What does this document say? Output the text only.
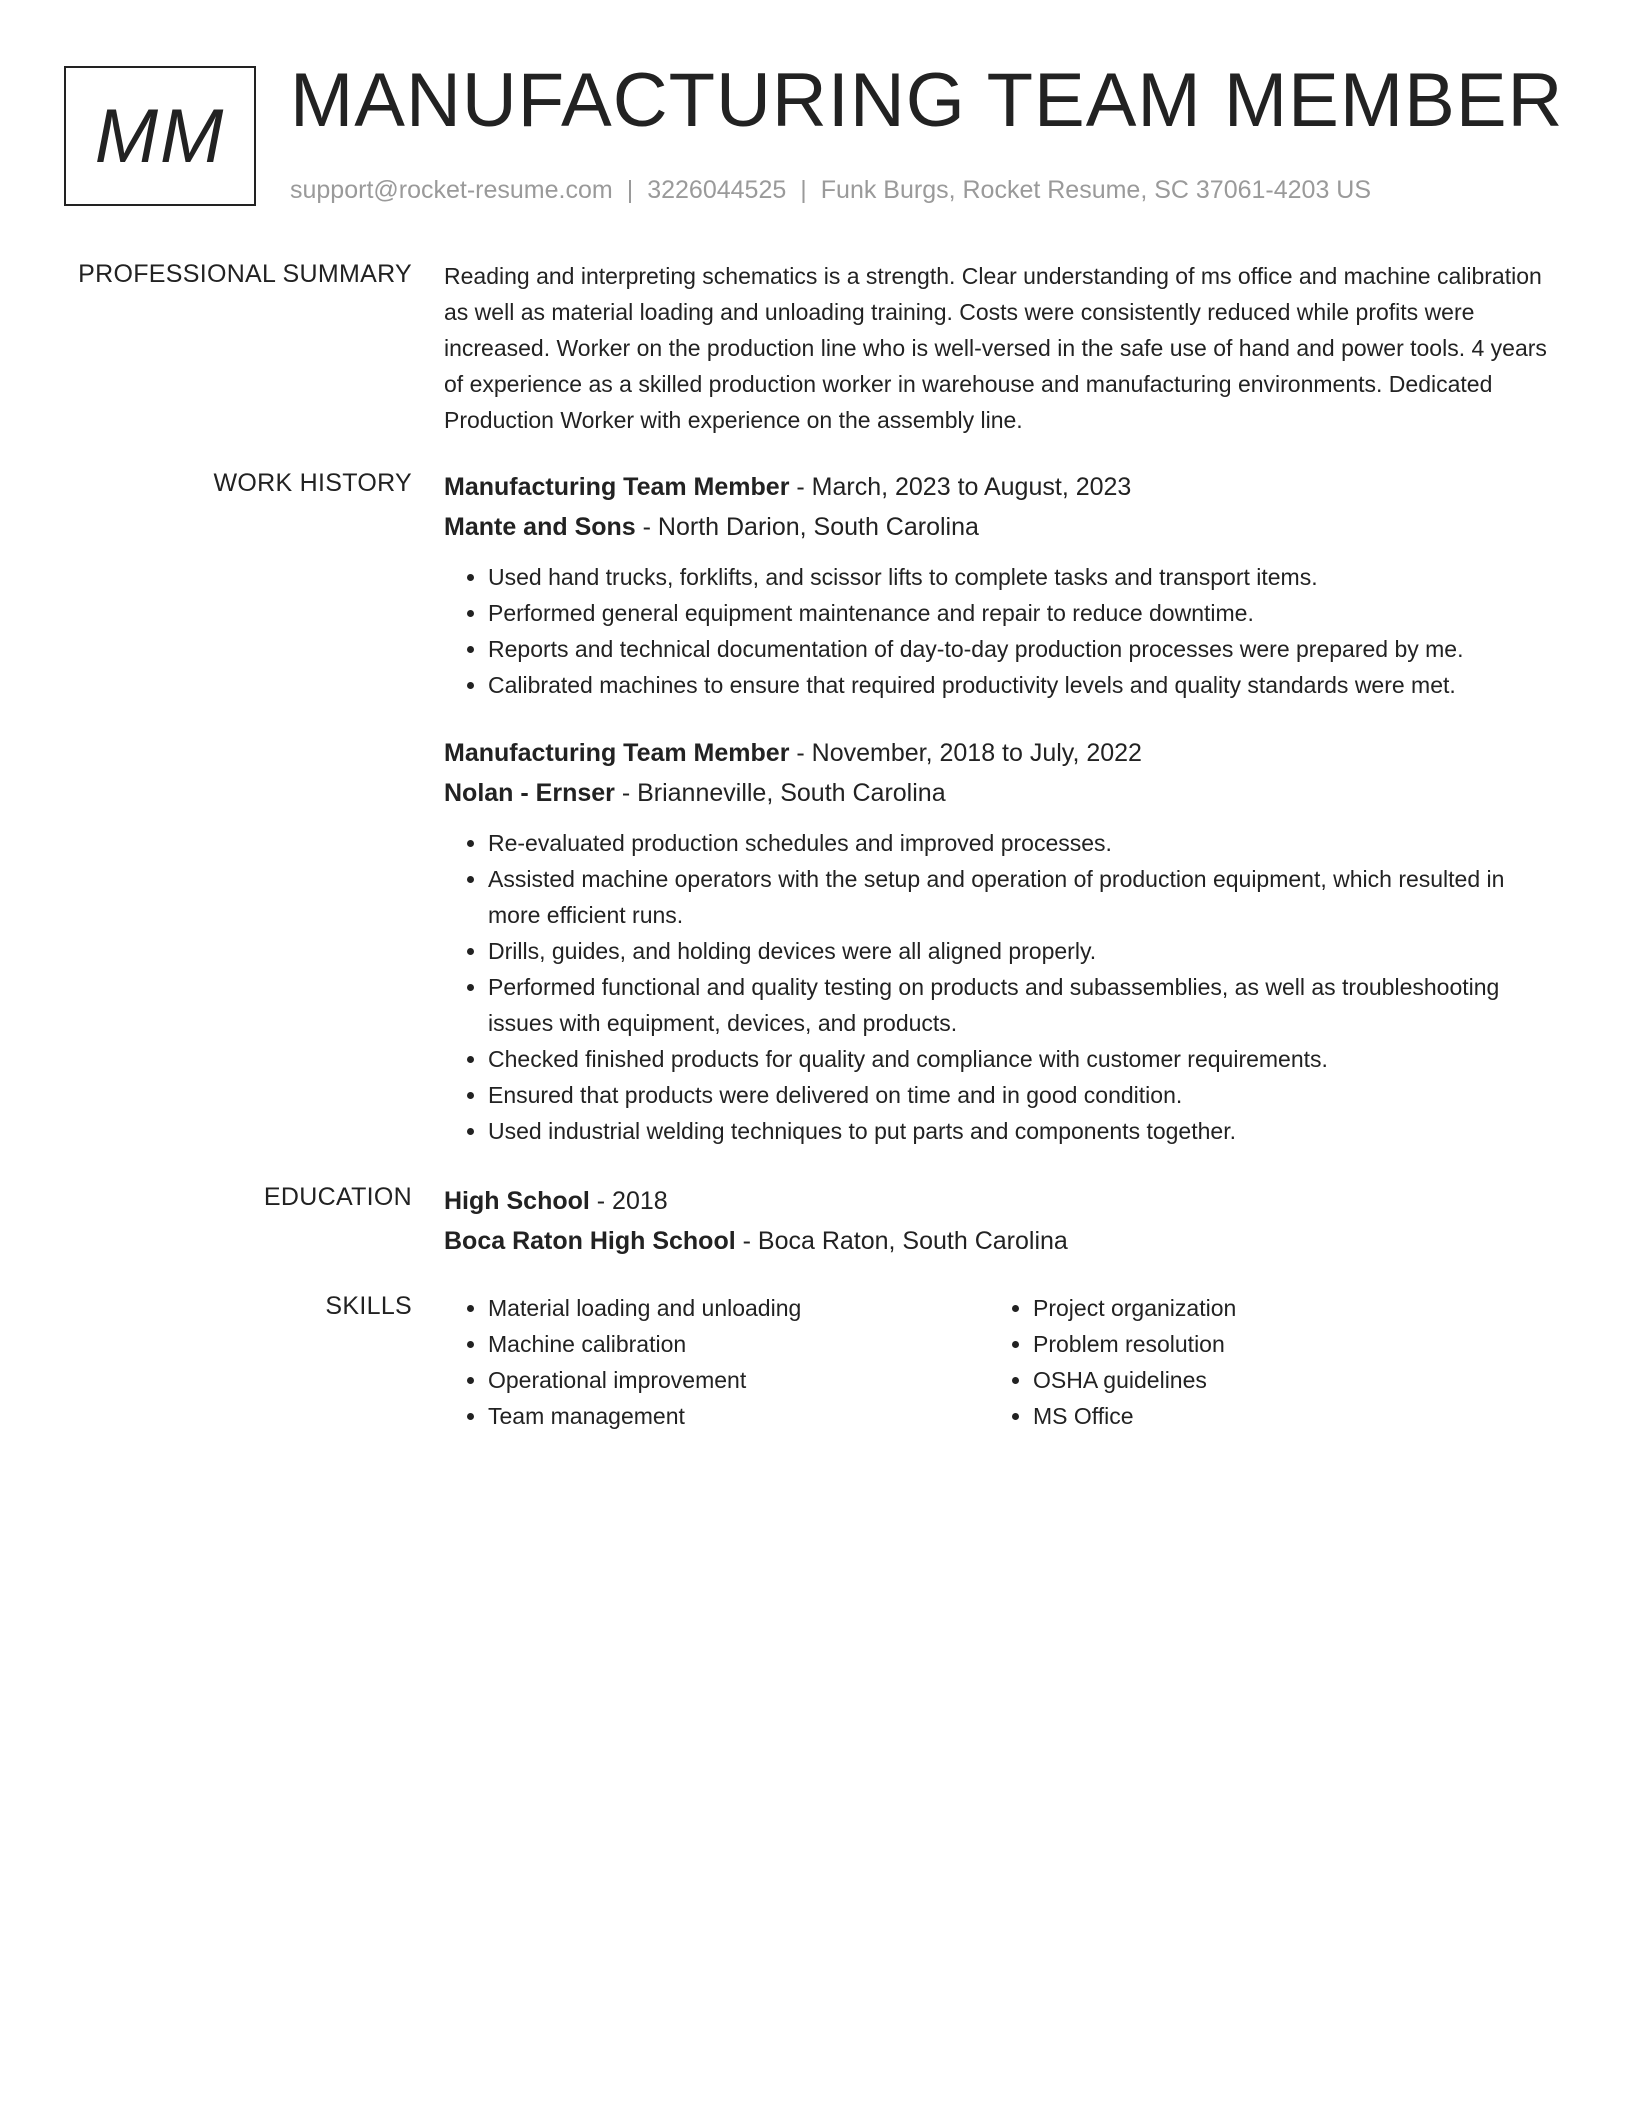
MM MANUFACTURING TEAM MEMBER
support@rocket-resume.com | 3226044525 | Funk Burgs, Rocket Resume, SC 37061-4203 US
PROFESSIONAL SUMMARY Reading and interpreting schematics is a strength. Clear understanding of ms office and machine calibration as well as material loading and unloading training. Costs were consistently reduced while profits were increased. Worker on the production line who is well-versed in the safe use of hand and power tools. 4 years of experience as a skilled production worker in warehouse and manufacturing environments. Dedicated Production Worker with experience on the assembly line.

WORK HISTORY Manufacturing Team Member - March, 2023 to August, 2023

Mante and Sons - North Darion, South Carolina

• Used hand trucks, forklifts, and scissor lifts to complete tasks and transport items.
• Performed general equipment maintenance and repair to reduce downtime.
• Reports and technical documentation of day-to-day production processes were prepared by me.
• Calibrated machines to ensure that required productivity levels and quality standards were met.

Manufacturing Team Member - November, 2018 to July, 2022

Nolan - Ernser - Brianneville, South Carolina

• Re-evaluated production schedules and improved processes.
• Assisted machine operators with the setup and operation of production equipment, which resulted in more efficient runs.
• Drills, guides, and holding devices were all aligned properly.
• Performed functional and quality testing on products and subassemblies, as well as troubleshooting issues with equipment, devices, and products.
• Checked finished products for quality and compliance with customer requirements.
• Ensured that products were delivered on time and in good condition.
• Used industrial welding techniques to put parts and components together.
EDUCATION High School - 2018

Boca Raton High School - Boca Raton, South Carolina

SKILLS
•	Material loading and unloading
• Machine calibration
• Operational improvement
• Team management
• Project organization
• Problem resolution
• OSHA guidelines
• MS Office
